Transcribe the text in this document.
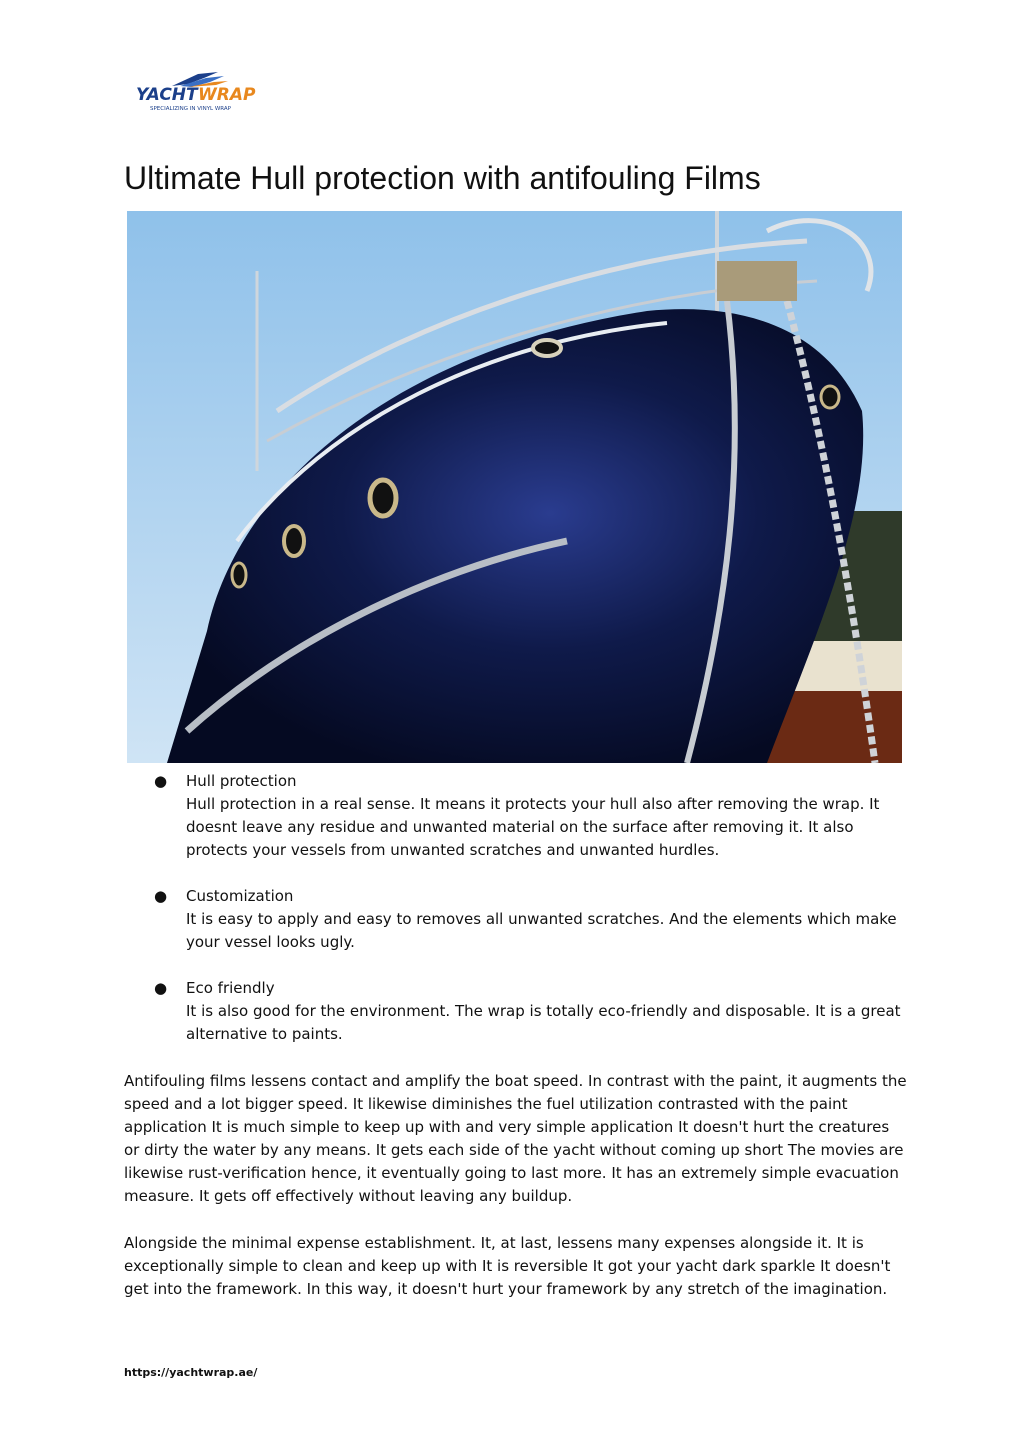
YACHT WRAP
SPECIALIZING IN VINYL WRAP
Ultimate Hull protection with antifouling Films
● Hull protection
Hull protection in a real sense. It means it protects your hull also after removing the wrap. It doesnt leave any residue and unwanted material on the surface after removing it. It also protects your vessels from unwanted scratches and unwanted hurdles.
● Customization
It is easy to apply and easy to removes all unwanted scratches. And the elements which make your vessel looks ugly.
● Eco friendly
It is also good for the environment. The wrap is totally eco-friendly and disposable. It is a great alternative to paints.

Antifouling films lessens contact and amplify the boat speed. In contrast with the paint, it augments the speed and a lot bigger speed. It likewise diminishes the fuel utilization contrasted with the paint application It is much simple to keep up with and very simple application It doesn't hurt the creatures or dirty the water by any means. It gets each side of the yacht without coming up short The movies are likewise rust-verification hence, it eventually going to last more. It has an extremely simple evacuation measure. It gets off effectively without leaving any buildup.

Alongside the minimal expense establishment. It, at last, lessens many expenses alongside it. It is exceptionally simple to clean and keep up with It is reversible It got your yacht dark sparkle It doesn't get into the framework. In this way, it doesn't hurt your framework by any stretch of the imagination.

https://yachtwrap.ae/
